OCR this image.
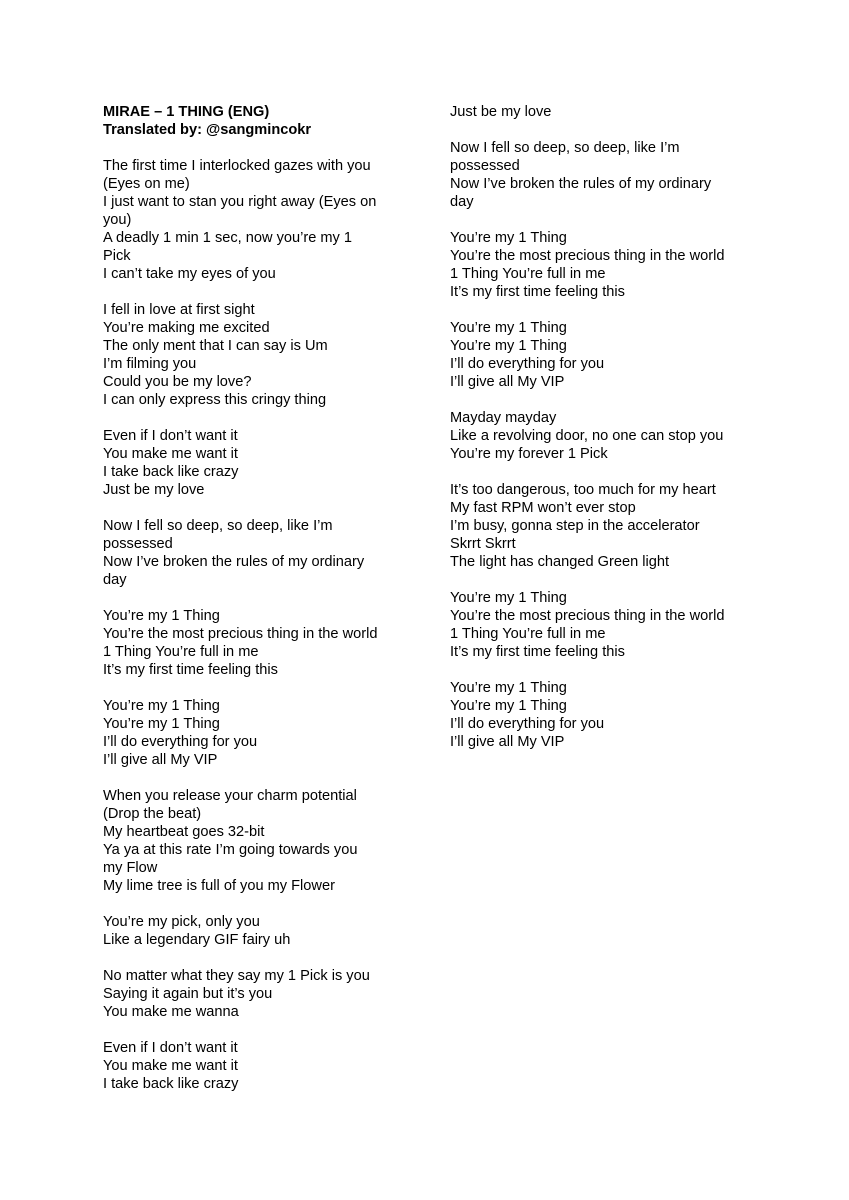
MIRAE – 1 THING (ENG)
Translated by: @sangmincokr
The first time I interlocked gazes with you
(Eyes on me)
I just want to stan you right away (Eyes on
you)
A deadly 1 min 1 sec, now you’re my 1
Pick
I can’t take my eyes of you
I fell in love at first sight
You’re making me excited
The only ment that I can say is Um
I’m filming you
Could you be my love?
I can only express this cringy thing
Even if I don’t want it
You make me want it
I take back like crazy
Just be my love
Now I fell so deep, so deep, like I’m
possessed
Now I’ve broken the rules of my ordinary
day
You’re my 1 Thing
You’re the most precious thing in the world
1 Thing You’re full in me
It’s my first time feeling this
You’re my 1 Thing
You’re my 1 Thing
I’ll do everything for you
I’ll give all My VIP
When you release your charm potential
(Drop the beat)
My heartbeat goes 32-bit
Ya ya at this rate I’m going towards you
my Flow
My lime tree is full of you my Flower
You’re my pick, only you
Like a legendary GIF fairy uh
No matter what they say my 1 Pick is you
Saying it again but it’s you
You make me wanna
Even if I don’t want it
You make me want it
I take back like crazy
Just be my love
Now I fell so deep, so deep, like I’m
possessed
Now I’ve broken the rules of my ordinary
day
You’re my 1 Thing
You’re the most precious thing in the world
1 Thing You’re full in me
It’s my first time feeling this
You’re my 1 Thing
You’re my 1 Thing
I’ll do everything for you
I’ll give all My VIP
Mayday mayday
Like a revolving door, no one can stop you
You’re my forever 1 Pick
It’s too dangerous, too much for my heart
My fast RPM won’t ever stop
I’m busy, gonna step in the accelerator
Skrrt Skrrt
The light has changed Green light
You’re my 1 Thing
You’re the most precious thing in the world
1 Thing You’re full in me
It’s my first time feeling this
You’re my 1 Thing
You’re my 1 Thing
I’ll do everything for you
I’ll give all My VIP
